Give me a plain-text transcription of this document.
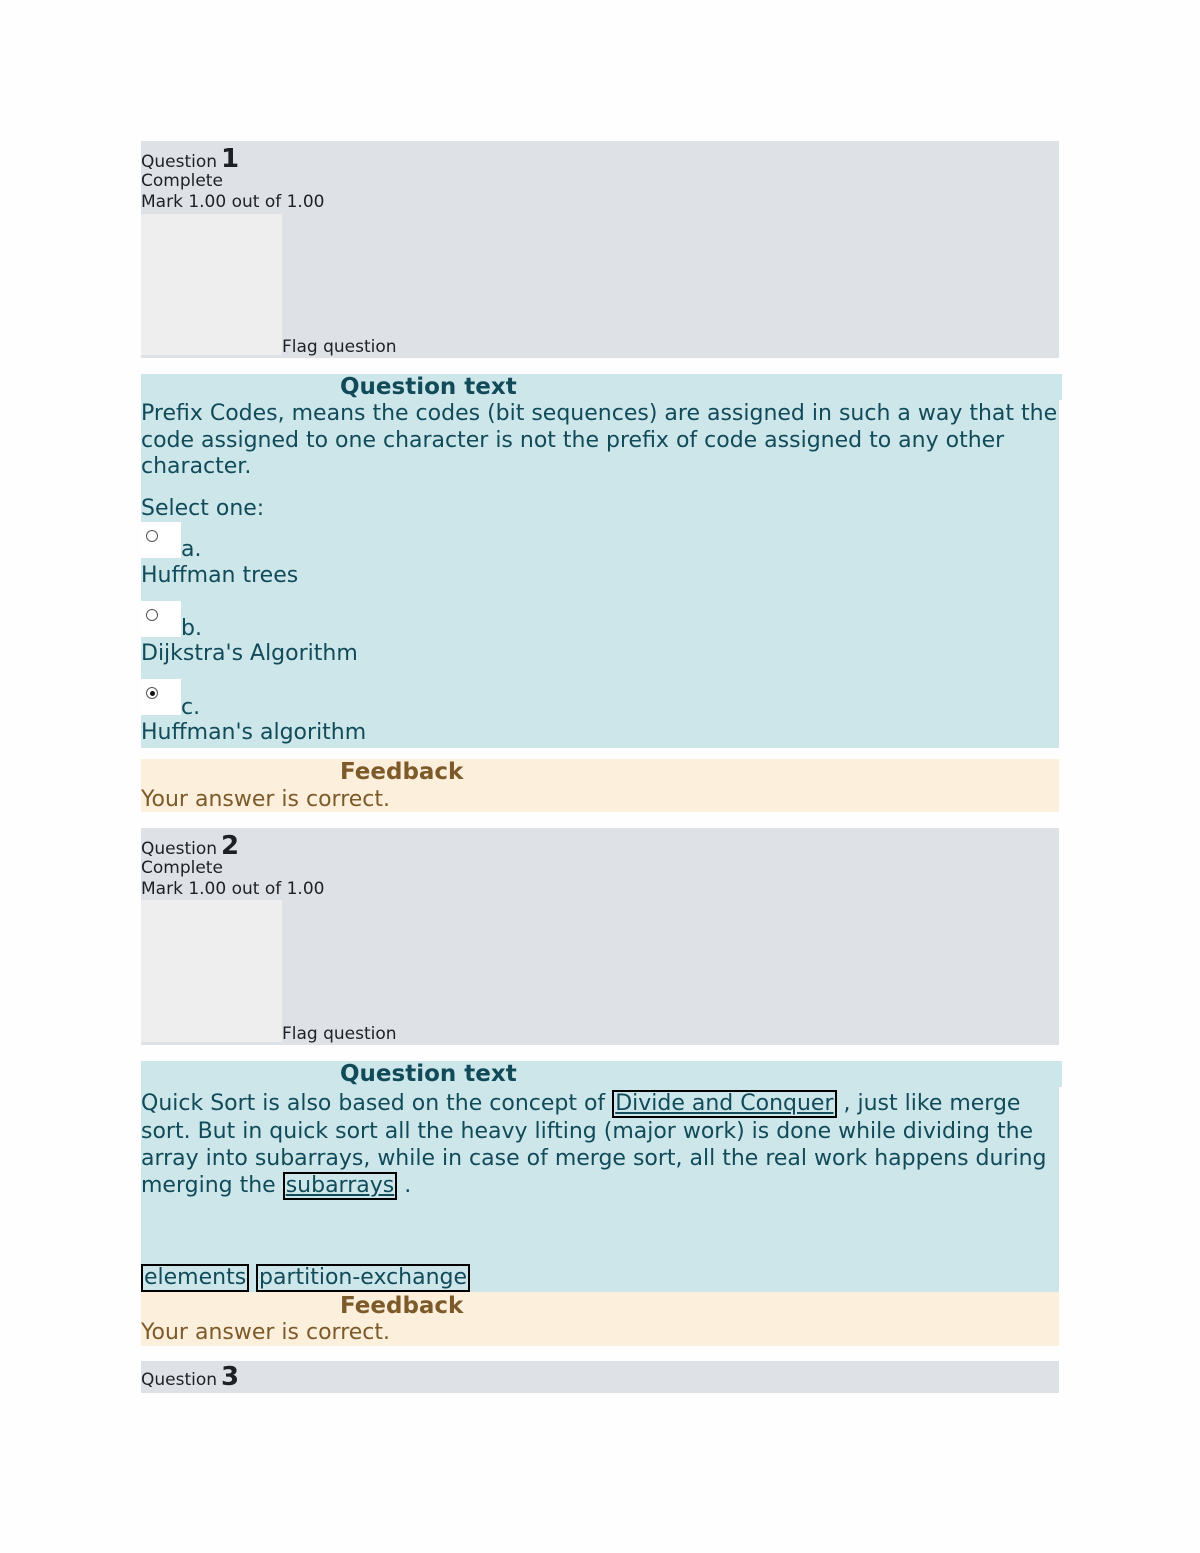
Question 1
Complete
Mark 1.00 out of 1.00
Flag question
Question text
Prefix Codes, means the codes (bit sequences) are assigned in such a way that the code assigned to one character is not the prefix of code assigned to any other character.
Select one:
a.
Huffman trees
b.
Dijkstra's Algorithm
c.
Huffman's algorithm
Feedback
Your answer is correct.
Question 2
Complete
Mark 1.00 out of 1.00
Flag question
Question text
Quick Sort is also based on the concept of Divide and Conquer , just like merge sort. But in quick sort all the heavy lifting (major work) is done while dividing the array into subarrays, while in case of merge sort, all the real work happens during merging the subarrays .
elements partition-exchange
Feedback
Your answer is correct.
Question 3
